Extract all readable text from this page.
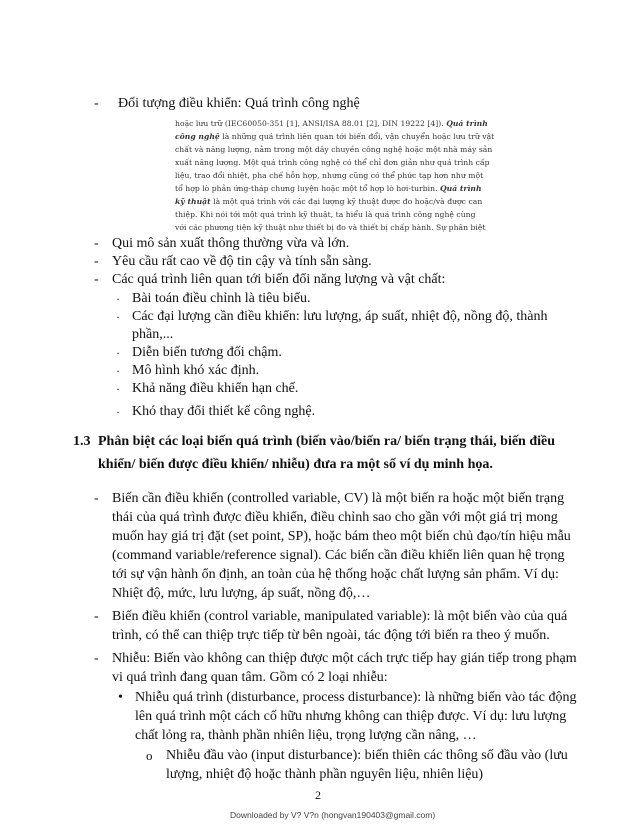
- Đối tượng điều khiển: Quá trình công nghệ
hoặc lưu trữ (IEC60050-351 [1], ANSI/ISA 88.01 [2], DIN 19222 [4]). Quá trình
công nghệ là những quá trình liên quan tới biến đổi, vận chuyển hoặc lưu trữ vật
chất và năng lượng, nằm trong một dây chuyền công nghệ hoặc một nhà máy sản
xuất năng lượng. Một quá trình công nghệ có thể chỉ đơn giản như quá trình cấp
liệu, trao đổi nhiệt, pha chế hỗn hợp, nhưng cũng có thể phức tạp hơn như một
tổ hợp lò phản ứng-tháp chưng luyện hoặc một tổ hợp lò hơi-turbin. Quá trình
kỹ thuật là một quá trình với các đại lượng kỹ thuật được đo hoặc/và được can
thiệp. Khi nói tới một quá trình kỹ thuật, ta hiểu là quá trình công nghệ cùng
với các phương tiện kỹ thuật như thiết bị đo và thiết bị chấp hành. Sự phân biệt
- Qui mô sản xuất thông thường vừa và lớn.
- Yêu cầu rất cao về độ tin cậy và tính sẵn sàng.
- Các quá trình liên quan tới biến đổi năng lượng và vật chất:
· Bài toán điều chỉnh là tiêu biểu.
· Các đại lượng cần điều khiển: lưu lượng, áp suất, nhiệt độ, nồng độ, thành
phần,...
· Diễn biến tương đối chậm.
· Mô hình khó xác định.
· Khả năng điều khiển hạn chế.
· Khó thay đổi thiết kế công nghệ.
1.3 Phân biệt các loại biến quá trình (biến vào/biến ra/ biến trạng thái, biến điều
khiển/ biến được điều khiển/ nhiễu) đưa ra một số ví dụ minh họa.
- Biến cần điều khiển (controlled variable, CV) là một biến ra hoặc một biến trạng
thái của quá trình được điều khiển, điều chỉnh sao cho gần với một giá trị mong
muốn hay giá trị đặt (set point, SP), hoặc bám theo một biến chủ đạo/tín hiệu mẫu
(command variable/reference signal). Các biến cần điều khiển liên quan hệ trọng
tới sự vận hành ổn định, an toàn của hệ thống hoặc chất lượng sản phẩm. Ví dụ:
Nhiệt độ, mức, lưu lượng, áp suất, nồng độ,…
- Biến điều khiển (control variable, manipulated variable): là một biến vào của quá
trình, có thể can thiệp trực tiếp từ bên ngoài, tác động tới biến ra theo ý muốn.
- Nhiễu: Biến vào không can thiệp được một cách trực tiếp hay gián tiếp trong phạm
vi quá trình đang quan tâm. Gồm có 2 loại nhiễu:
• Nhiễu quá trình (disturbance, process disturbance): là những biến vào tác động
lên quá trình một cách cố hữu nhưng không can thiệp được. Ví dụ: lưu lượng
chất lỏng ra, thành phần nhiên liệu, trọng lượng cần nâng, …
o Nhiễu đầu vào (input disturbance): biến thiên các thông số đầu vào (lưu
lượng, nhiệt độ hoặc thành phần nguyên liệu, nhiên liệu)
2
Downloaded by V? V?n (hongvan190403@gmail.com)
